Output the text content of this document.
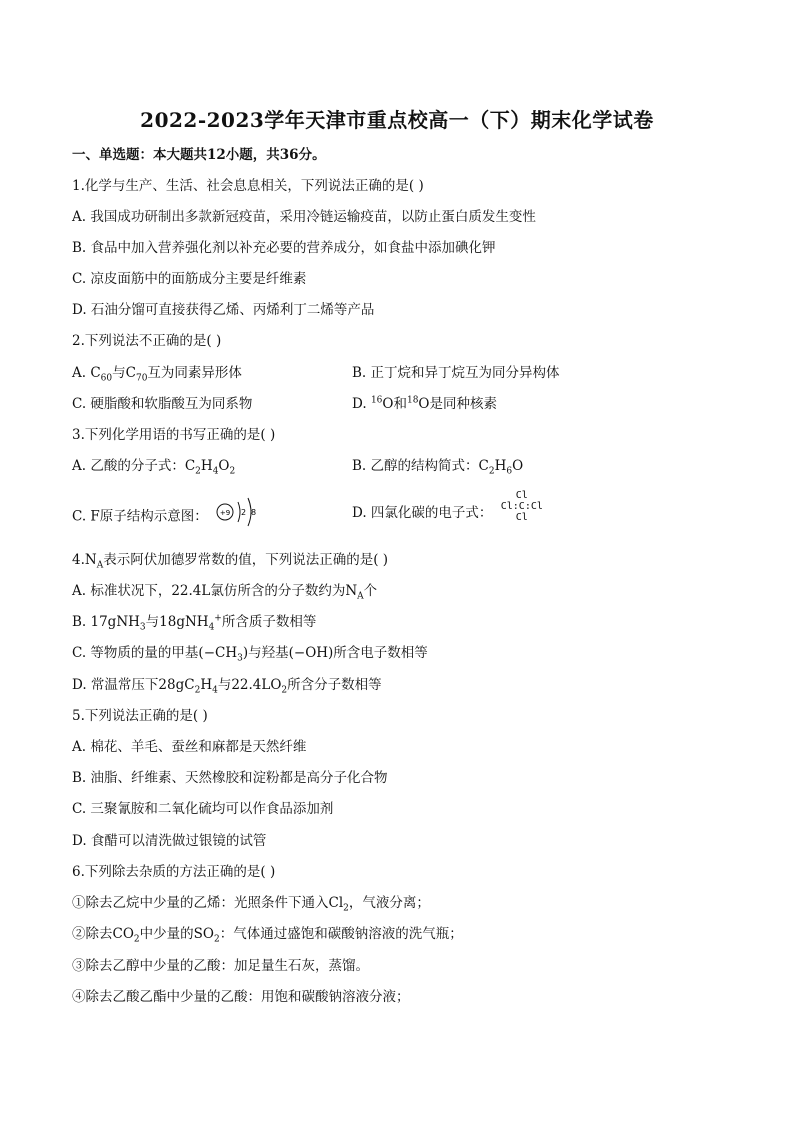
2022-2023学年天津市重点校高一（下）期末化学试卷
一、单选题：本大题共12小题，共36分。
1.化学与生产、生活、社会息息相关，下列说法正确的是( )
A. 我国成功研制出多款新冠疫苗，采用冷链运输疫苗，以防止蛋白质发生变性
B. 食品中加入营养强化剂以补充必要的营养成分，如食盐中添加碘化钾
C. 凉皮面筋中的面筋成分主要是纤维素
D. 石油分馏可直接获得乙烯、丙烯利丁二烯等产品
2.下列说法不正确的是( )
A. $C_{60}$与$C_{70}$互为同素异形体	B. 正丁烷和异丁烷互为同分异构体
C. 硬脂酸和软脂酸互为同系物	D. $^{16}$O和$^{18}$O是同种核素
3.下列化学用语的书写正确的是( )
A. 乙酸的分子式：$C_2H_4O_2$	B. 乙醇的结构简式：$C_2H_6O$
C. F原子结构示意图： +9 2 8	D. 四氯化碳的电子式：
Cl
Cl:C:Cl
Cl
$4.N_A$表示阿伏加德罗常数的值，下列说法正确的是( )
A. 标准状况下，22.4L氯仿所含的分子数约为$N_A$个
B. 17gNH$_3$与18gNH$_4$+所含质子数相等
C. 等物质的量的甲基$(-CH_3)$与羟基(−OH)所含电子数相等
D. 常温常压下$28gC_2H_4$与$22.4LO_2$所含分子数相等
5.下列说法正确的是( )
A. 棉花、羊毛、蚕丝和麻都是天然纤维
B. 油脂、纤维素、天然橡胶和淀粉都是高分子化合物
C. 三聚氰胺和二氧化硫均可以作食品添加剂
D. 食醋可以清洗做过银镜的试管
6.下列除去杂质的方法正确的是( )
①除去乙烷中少量的乙烯：光照条件下通入$Cl_2$，气液分离；
②除去$CO_2$中少量的$SO_2$：气体通过盛饱和碳酸钠溶液的洗气瓶；
③除去乙醇中少量的乙酸：加足量生石灰，蒸馏。
④除去乙酸乙酯中少量的乙酸：用饱和碳酸钠溶液分液；
